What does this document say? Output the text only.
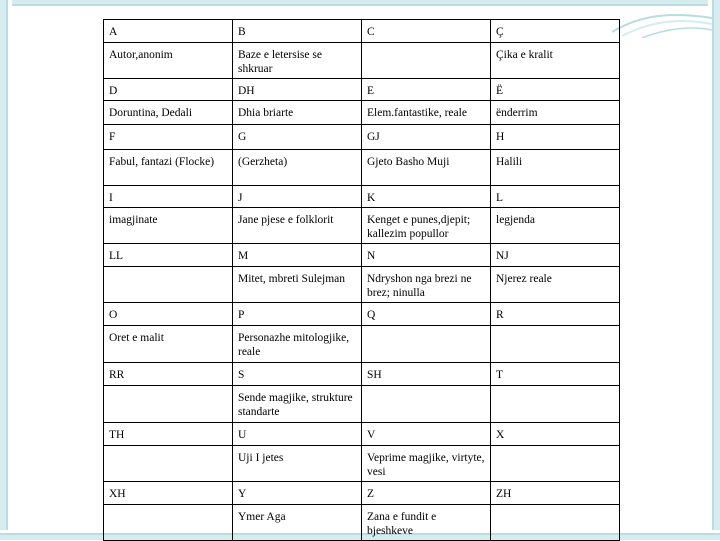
A	B	C	Ç
Autor,anonim	Baze e letersise se shkruar		Çika e kralit
D	DH	E	Ë
Doruntina, Dedali	Dhia briarte	Elem.fantastike, reale	ënderrim
F	G	GJ	H
Fabul, fantazi (Flocke)	(Gerzheta)	Gjeto Basho Muji	Halili
I	J	K	L
imagjinate	Jane pjese e folklorit	Kenget e punes,djepit; kallezim popullor	legjenda
LL	M	N	NJ
	Mitet, mbreti Sulejman	Ndryshon nga brezi ne brez; ninulla	Njerez reale
O	P	Q	R
Oret e malit	Personazhe mitologjike, reale		
RR	S	SH	T
	Sende magjike, strukture standarte		
TH	U	V	X
	Uji I jetes	Veprime magjike, virtyte, vesi	
XH	Y	Z	ZH
	Ymer Aga	Zana e fundit e bjeshkeve	
